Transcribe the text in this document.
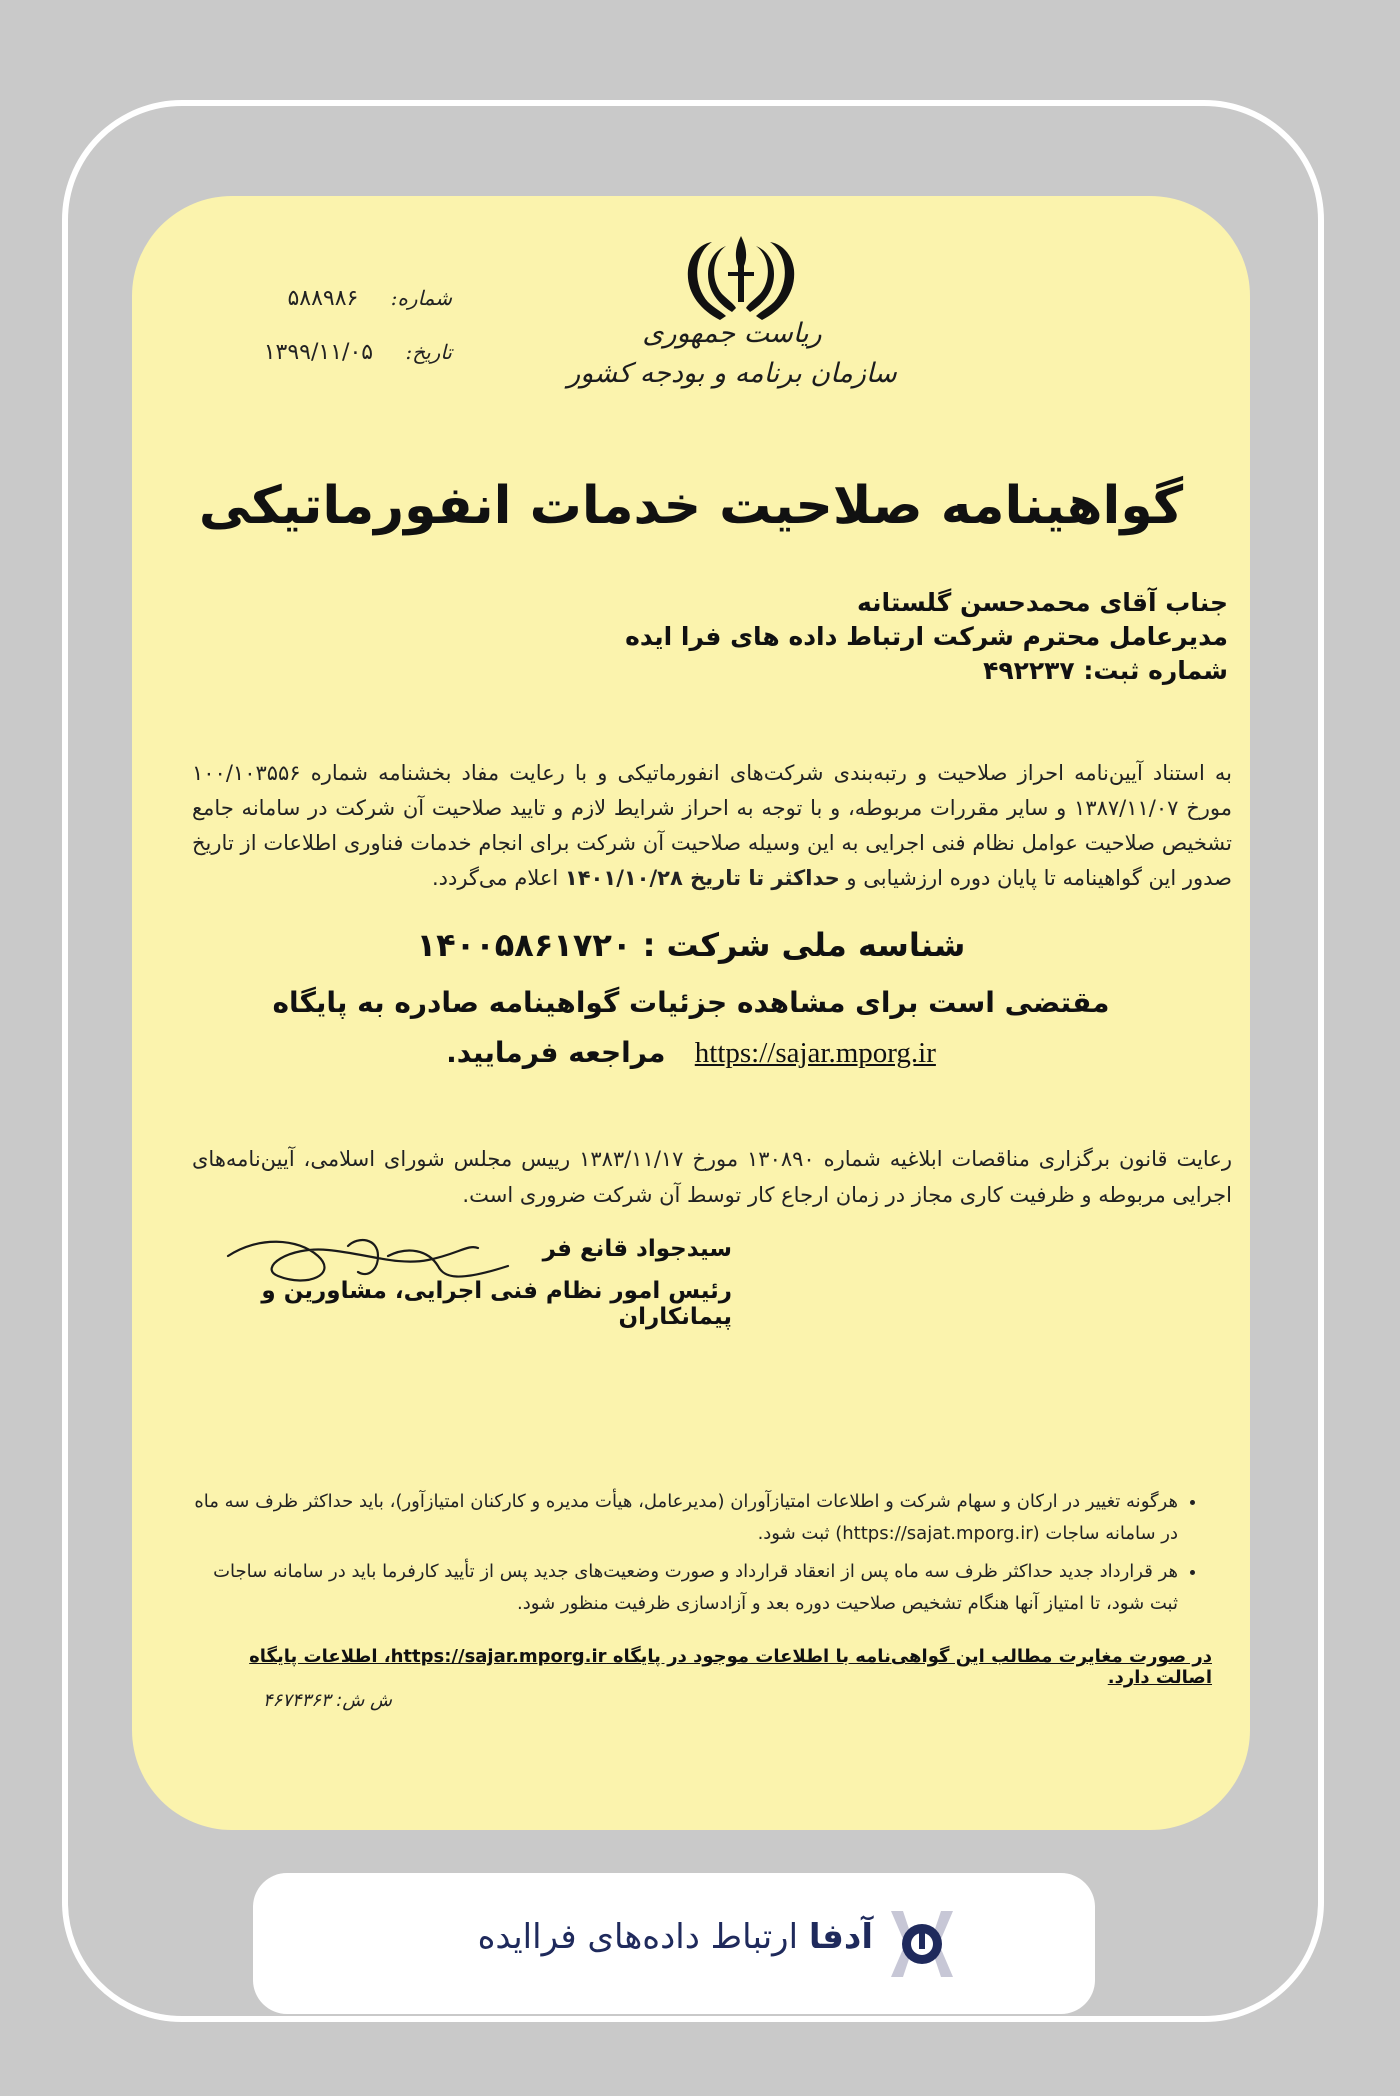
ریاست جمهوری
سازمان برنامه و بودجه کشور
شماره: ۵۸۸۹۸۶
تاریخ: ۱۳۹۹/۱۱/۰۵
گواهینامه صلاحیت خدمات انفورماتیکی
جناب آقای محمدحسن گلستانه
مدیرعامل محترم شرکت ارتباط داده های فرا ایده
شماره ثبت: ۴۹۲۲۳۷
به استناد آیین‌نامه احراز صلاحیت و رتبه‌بندی شرکت‌های انفورماتیکی و با رعایت مفاد بخشنامه شماره ۱۰۰/۱۰۳۵۵۶ مورخ ۱۳۸۷/۱۱/۰۷ و سایر مقررات مربوطه، و با توجه به احراز شرایط لازم و تایید صلاحیت آن شرکت در سامانه جامع تشخیص صلاحیت عوامل نظام فنی اجرایی به این وسیله صلاحیت آن شرکت برای انجام خدمات فناوری اطلاعات از تاریخ صدور این گواهینامه تا پایان دوره ارزشیابی و حداکثر تا تاریخ ۱۴۰۱/۱۰/۲۸ اعلام می‌گردد.
شناسه ملی شرکت : ۱۴۰۰۵۸۶۱۷۲۰
مقتضی است برای مشاهده جزئیات گواهینامه صادره به پایگاه
https://sajar.mporg.ir   مراجعه فرمایید.
رعایت قانون برگزاری مناقصات ابلاغیه شماره ۱۳۰۸۹۰ مورخ ۱۳۸۳/۱۱/۱۷ رییس مجلس شورای اسلامی، آیین‌نامه‌های اجرایی مربوطه و ظرفیت کاری مجاز در زمان ارجاع کار توسط آن شرکت ضروری است.
سیدجواد قانع فر
رئیس امور نظام فنی اجرایی، مشاورین و پیمانکاران
• هرگونه تغییر در ارکان و سهام شرکت و اطلاعات امتیازآوران (مدیرعامل، هیأت مدیره و کارکنان امتیازآور)، باید حداکثر ظرف سه ماه در سامانه ساجات (https://sajat.mporg.ir) ثبت شود.
• هر قرارداد جدید حداکثر ظرف سه ماه پس از انعقاد قرارداد و صورت وضعیت‌های جدید پس از تأیید کارفرما باید در سامانه ساجات ثبت شود، تا امتیاز آنها هنگام تشخیص صلاحیت دوره بعد و آزادسازی ظرفیت منظور شود.
در صورت مغایرت مطالب این گواهی‌نامه با اطلاعات موجود در پایگاه https://sajar.mporg.ir، اطلاعات پایگاه اصالت دارد.
ش ش: ۴۶۷۴۳۶۳
آدفا ارتباط داده‌های فراایده
